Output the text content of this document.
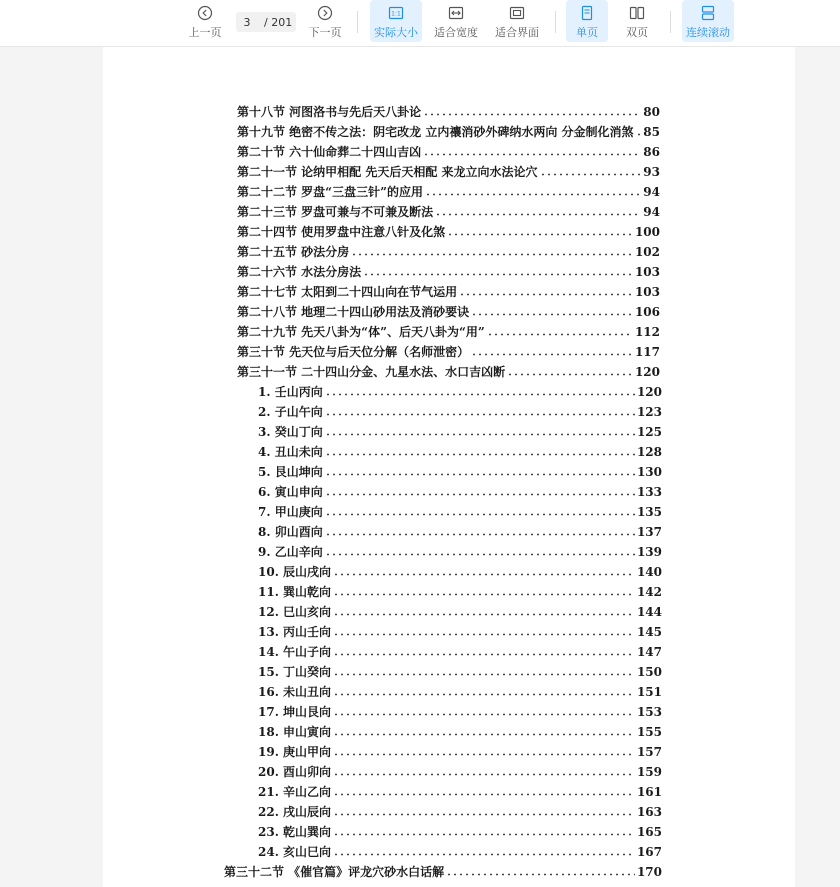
上一页
3	/ 201
下一页
1:1
实际大小 适合宽度 适合界面	单页	双页	连续滚动
第十八节 河图洛书与先后天八卦论	80
第十九节 绝密不传之法：阴宅改龙 立内禳消砂外碑纳水两向 分金制化消煞 85
第二十节 六十仙命葬二十四山吉凶	86
第二十一节 论纳甲相配 先天后天相配 来龙立向水法论穴	93
第二十二节 罗盘“三盘三针”的应用	94
第二十三节 罗盘可兼与不可兼及断法	94
第二十四节 使用罗盘中注意八针及化煞	100
第二十五节 砂法分房	102
第二十六节 水法分房法	103
第二十七节 太阳到二十四山向在节气运用	103
第二十八节 地理二十四山砂用法及消砂要诀	106
第二十九节 先天八卦为“体”、后天八卦为“用”	112
第三十节 先天位与后天位分解（名师泄密）	117
第三十一节 二十四山分金、九星水法、水口吉凶断	120
1. 壬山丙向	120
2. 子山午向	123
3. 癸山丁向	125
4. 丑山未向	128
5. 艮山坤向	130
6. 寅山申向	133
7. 甲山庚向	135
8. 卯山酉向	137
9. 乙山辛向	139
10. 辰山戌向	140
11. 巽山乾向	142
12. 巳山亥向	144
13. 丙山壬向	145
14. 午山子向	147
15. 丁山癸向	150
16. 未山丑向	151
17. 坤山艮向	153
18. 申山寅向	155
19. 庚山甲向	157
20. 酉山卯向	159
21. 辛山乙向	161
22. 戌山辰向	163
23. 乾山巽向	165
24. 亥山巳向	167
第三十二节 《催官篇》评龙穴砂水白话解	170
